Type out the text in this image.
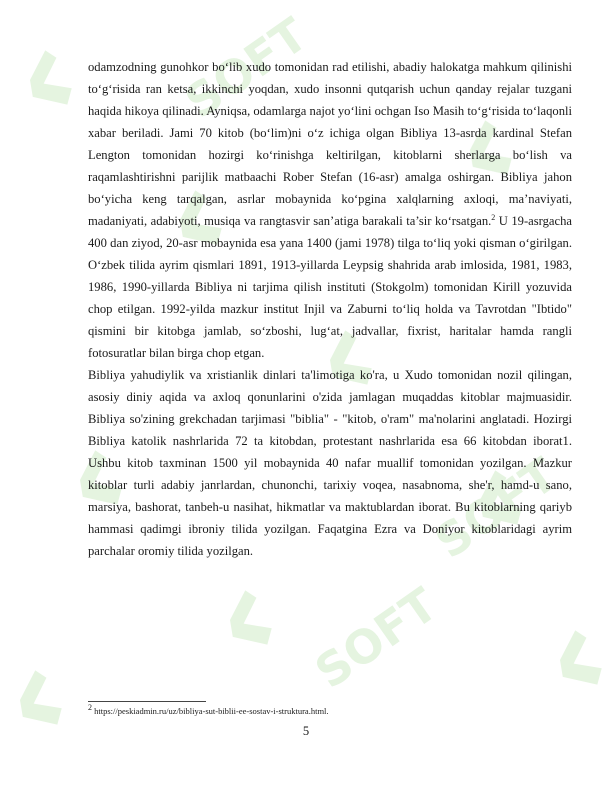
SOFT
SOFT
SOFT

odamzodning gunohkor bo‘lib xudo tomonidan rad etilishi, abadiy halokatga mahkum qilinishi to‘g‘risida ran ketsa, ikkinchi yoqdan, xudo insonni qutqarish uchun qanday rejalar tuzgani haqida hikoya qilinadi. Ayniqsa, odamlarga najot yo‘lini ochgan Iso Masih to‘g‘risida to‘laqonli xabar beriladi. Jami 70 kitob (bo‘lim)ni o‘z ichiga olgan Bibliya 13-asrda kardinal Stefan Lengton tomonidan hozirgi ko‘rinishga keltirilgan, kitoblarni sherlarga bo‘lish va raqamlashtirishni parijlik matbaachi Rober Stefan (16-asr) amalga oshirgan. Bibliya jahon bo‘yicha keng tarqalgan, asrlar mobaynida ko‘pgina xalqlarning axloqi, ma’naviyati, madaniyati, adabiyoti, musiqa va rangtasvir san’atiga barakali ta’sir ko‘rsatgan.$^2$ U 19-asrgacha 400 dan ziyod, 20-asr mobaynida esa yana 1400 (jami 1978) tilga to‘liq yoki qisman o‘girilgan. O‘zbek tilida ayrim qismlari 1891, 1913-yillarda Leypsig shahrida arab imlosida, 1981, 1983, 1986, 1990-yillarda Bibliya ni tarjima qilish instituti (Stokgolm) tomonidan Kirill yozuvida chop etilgan. 1992-yilda mazkur institut Injil va Zaburni to‘liq holda va Tavrotdan "Ibtido" qismini bir kitobga jamlab, so‘zboshi, lug‘at, jadvallar, fixrist, haritalar hamda rangli fotosuratlar bilan birga chop etgan.

Bibliya yahudiylik va xristianlik dinlari ta'limotiga ko'ra, u Xudo tomonidan nozil qilingan, asosiy diniy aqida va axloq qonunlarini o'zida jamlagan muqaddas kitoblar majmuasidir. Bibliya so'zining grekchadan tarjimasi "biblia" - "kitob, o'ram" ma'nolarini anglatadi. Hozirgi Bibliya katolik nashrlarida 72 ta kitobdan, protestant nashrlarida esa 66 kitobdan iborat1. Ushbu kitob taxminan 1500 yil mobaynida 40 nafar muallif tomonidan yozilgan. Mazkur kitoblar turli adabiy janrlardan, chunonchi, tarixiy voqea, nasabnoma, she'r, hamd-u sano, marsiya, bashorat, tanbeh-u nasihat, hikmatlar va maktublardan iborat. Bu kitoblarning qariyb hammasi qadimgi ibroniy tilida yozilgan. Faqatgina Ezra va Doniyor kitoblaridagi ayrim parchalar oromiy tilida yozilgan.

$^2$ https://peskiadmin.ru/uz/bibliya-sut-biblii-ee-sostav-i-struktura.html.
5
